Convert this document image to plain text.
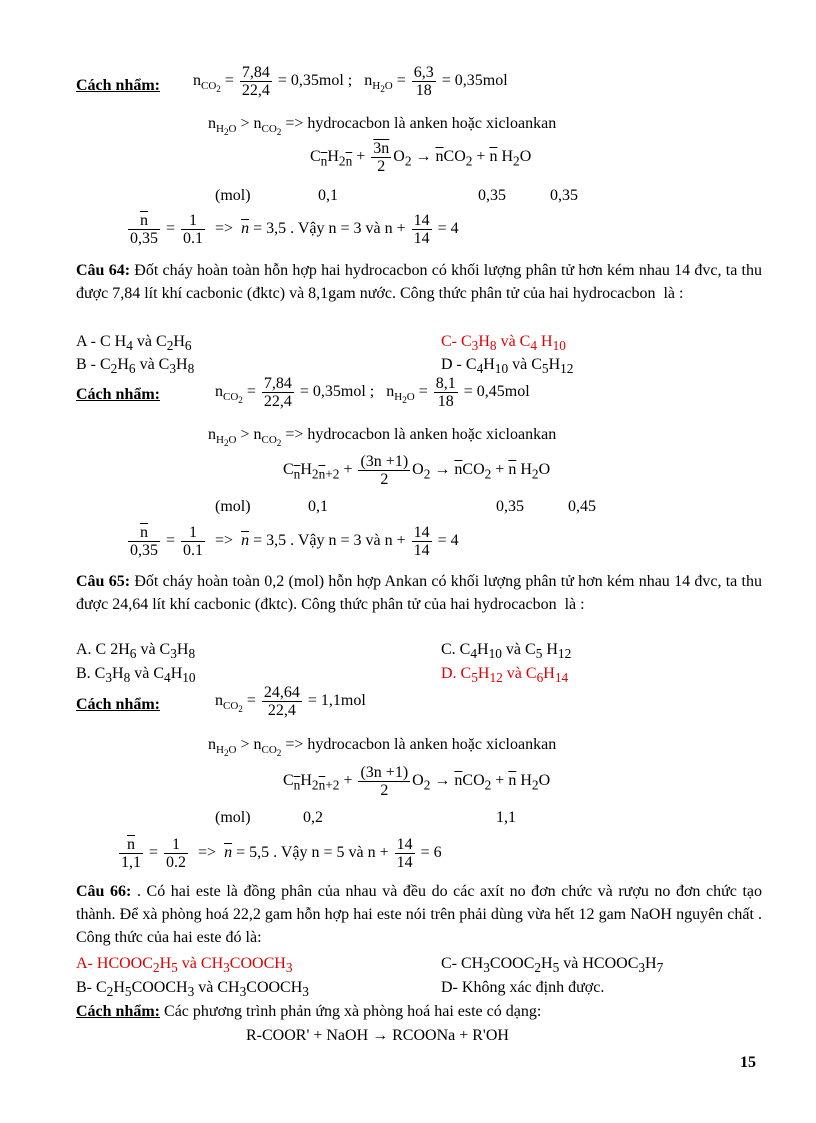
Cách nhẩm: $n_{CO_2} = \frac{7,84}{22,4} = 0,35mol$ ;   $n_{H_2O} = \frac{6,3}{18} = 0,35mol$
$n_{H_2O} > n_{CO_2}$ => hydrocacbon là anken hoặc xicloankan
$C_{\overline{n}}H_{2\overline{n}} + \frac{3n}{2} O_2 \to \overline{n}CO_2 + \overline{n}$ $H_2O$
(mol)	0,1	0,35	0,35
$\frac{\overline{n}}{0,35} = \frac{1}{0.1} => \overline{n} = 3,5$ . Vậy n = 3 và $n + \frac{14}{14} = 4$
Câu 64: Đốt cháy hoàn toàn hỗn hợp hai hydrocacbon có khối lượng phân tử hơn kém nhau 14 đvc, ta thu được 7,84 lít khí cacbonic (đktc) và 8,1gam nước. Công thức phân tử của hai hydrocacbon  là :
A - C $H_4$ và $C_2H_6$
B - $C_2H_6$ và $C_3H_8$
C- $C_3H_8$ và $C_4$ $H_{10}$
D - $C_4H_{10}$ và $C_5H_{12}$
Cách nhẩm:	$n_{CO_2} = \frac{7,84}{22,4} = 0,35mol$ ;   $n_{H_2O} = \frac{8,1}{18} = 0,45mol$
$n_{H_2O} > n_{CO_2}$ => hydrocacbon là anken hoặc xicloankan
$C_{\overline{n}}H_{2\overline{n}+2} + \frac{(3n +1)}{2} O_2 \to \overline{n}CO_2 + \overline{n}$ $H_2O$
(mol)	0,1	0,35	0,45
$\frac{\overline{n}}{0,35} = \frac{1}{0.1} => \overline{n} = 3,5$ . Vậy n = 3 và $n + \frac{14}{14} = 4$
Câu 65: Đốt cháy hoàn toàn 0,2 (mol) hỗn hợp Ankan có khối lượng phân tử hơn kém nhau 14 đvc, ta thu được 24,64 lít khí cacbonic (đktc). Công thức phân tử của hai hydrocacbon  là :
A. C $2H_6$ và $C_3H_8$
B. $C_3H_8$ và $C_4H_{10}$
C. $C_4H_{10}$ và $C_5$ $H_{12}$
D. $C_5H_{12}$ và $C_6H_{14}$
Cách nhẩm:	$n_{CO_2} = \frac{24,64}{22,4} = 1,1mol$
$n_{H_2O} > n_{CO_2}$ => hydrocacbon là anken hoặc xicloankan
$C_{\overline{n}}H_{2\overline{n}+2} + \frac{(3n +1)}{2} O_2 \to \overline{n}CO_2 + \overline{n}$ $H_2O$
(mol)	0,2	1,1
$\frac{\overline{n}}{1,1} = \frac{1}{0.2} => \overline{n} = 5,5$ . Vậy n = 5 và $n + \frac{14}{14} = 6$
Câu 66: . Có hai este là đồng phân của nhau và đều do các axít no đơn chức và rượu no đơn chức tạo thành. Để xà phòng hoá 22,2 gam hỗn hợp hai este nói trên phải dùng vừa hết 12 gam NaOH nguyên chất . Công thức của hai este đó là:
A- $HCOOC_2H_5$ và $CH_3COOCH_3$
B- $C_2H_5COOCH_3$ và $CH_3COOCH_3$
C- $CH_3COOC_2H_5$ và $HCOOC_3H_7$
D- Không xác định được.
Cách nhẩm: Các phương trình phản ứng xà phòng hoá hai este có dạng:
R-COOR' + NaOH → RCOONa + R'OH
15
